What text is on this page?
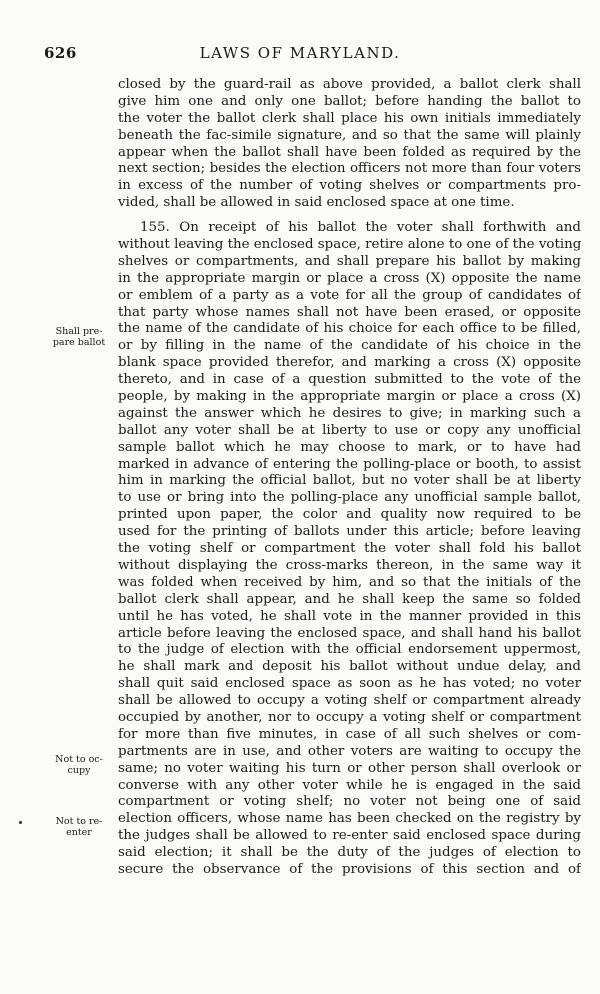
626	LAWS OF MARYLAND.
Shall pre-
pare ballot
Not to oc-
cupy
Not to re-
enter
closed by the guard-rail as above provided, a ballot clerk shall
give him one and only one ballot; before handing the ballot to
the voter the ballot clerk shall place his own initials immediately
beneath the fac-simile signature, and so that the same will plainly
appear when the ballot shall have been folded as required by the
next section; besides the election officers not more than four voters
in excess of the number of voting shelves or compartments pro-
vided, shall be allowed in said enclosed space at one time.
155. On receipt of his ballot the voter shall forthwith and
without leaving the enclosed space, retire alone to one of the voting
shelves or compartments, and shall prepare his ballot by making
in the appropriate margin or place a cross (X) opposite the name
or emblem of a party as a vote for all the group of candidates of
that party whose names shall not have been erased, or opposite
the name of the candidate of his choice for each office to be filled,
or by filling in the name of the candidate of his choice in the
blank space provided therefor, and marking a cross (X) opposite
thereto, and in case of a question submitted to the vote of the
people, by making in the appropriate margin or place a cross (X)
against the answer which he desires to give; in marking such a
ballot any voter shall be at liberty to use or copy any unofficial
sample ballot which he may choose to mark, or to have had
marked in advance of entering the polling-place or booth, to assist
him in marking the official ballot, but no voter shall be at liberty
to use or bring into the polling-place any unofficial sample ballot,
printed upon paper, the color and quality now required to be
used for the printing of ballots under this article; before leaving
the voting shelf or compartment the voter shall fold his ballot
without displaying the cross-marks thereon, in the same way it
was folded when received by him, and so that the initials of the
ballot clerk shall appear, and he shall keep the same so folded
until he has voted, he shall vote in the manner provided in this
article before leaving the enclosed space, and shall hand his ballot
to the judge of election with the official endorsement uppermost,
he shall mark and deposit his ballot without undue delay, and
shall quit said enclosed space as soon as he has voted; no voter
shall be allowed to occupy a voting shelf or compartment already
occupied by another, nor to occupy a voting shelf or compartment
for more than five minutes, in case of all such shelves or com-
partments are in use, and other voters are waiting to occupy the
same; no voter waiting his turn or other person shall overlook or
converse with any other voter while he is engaged in the said
compartment or voting shelf; no voter not being one of said
election officers, whose name has been checked on the registry by
the judges shall be allowed to re-enter said enclosed space during
said election; it shall be the duty of the judges of election to
secure the observance of the provisions of this section and of
